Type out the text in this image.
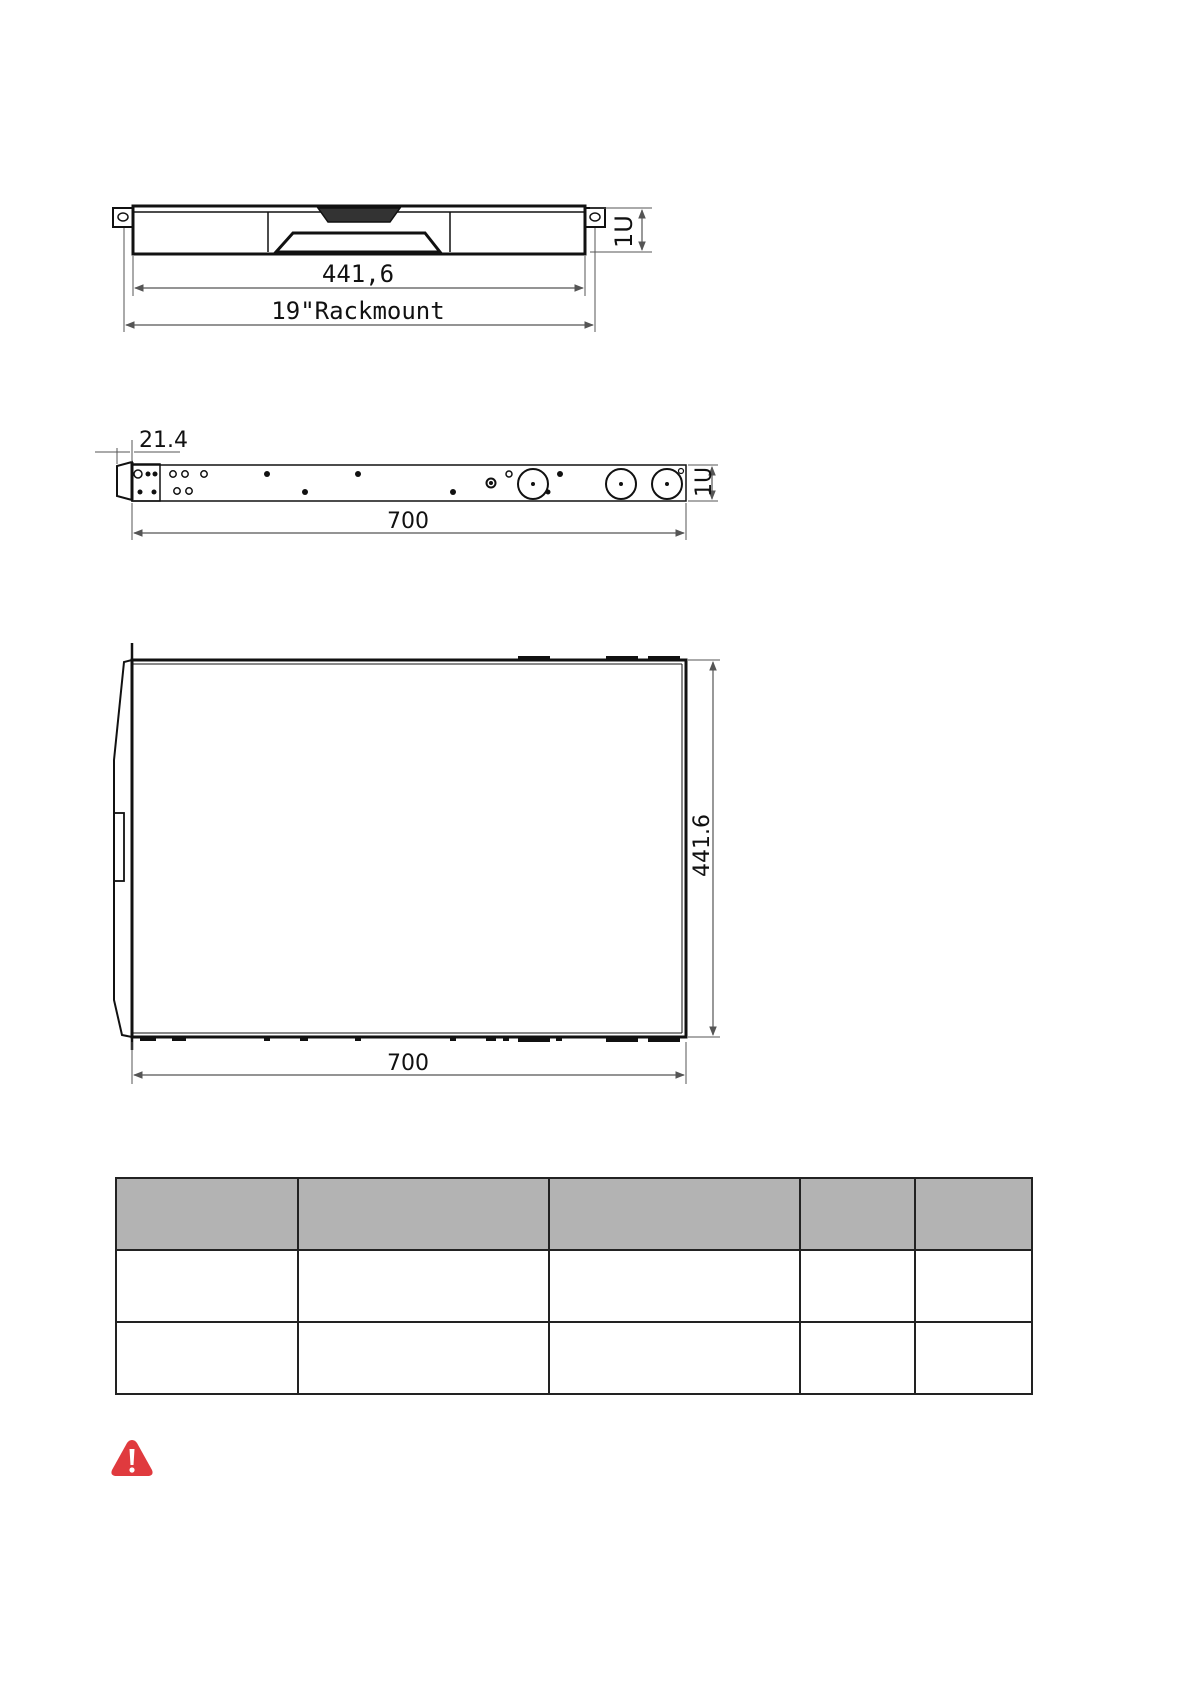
1U
441,6
19"Rackmount
21.4
1U
700
441.6
700
